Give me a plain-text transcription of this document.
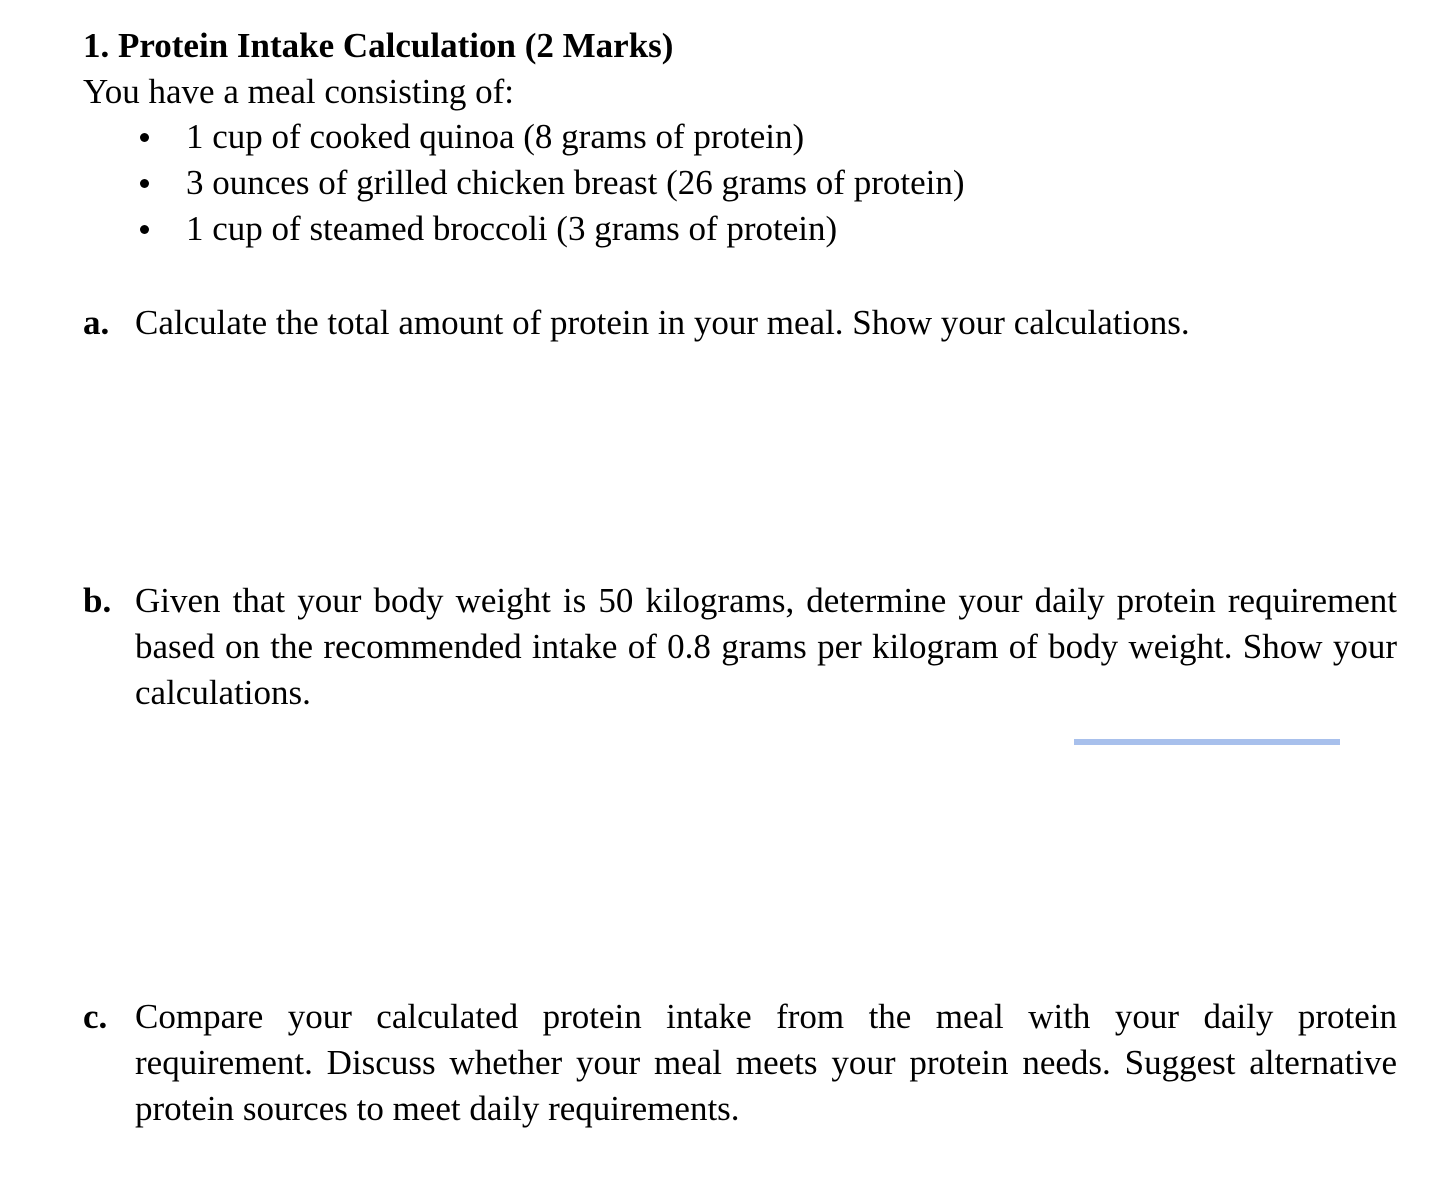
1. Protein Intake Calculation (2 Marks)
You have a meal consisting of:
1 cup of cooked quinoa (8 grams of protein)
3 ounces of grilled chicken breast (26 grams of protein)
1 cup of steamed broccoli (3 grams of protein)
a. Calculate the total amount of protein in your meal. Show your calculations.
b. Given that your body weight is 50 kilograms, determine your daily protein requirement based on the recommended intake of 0.8 grams per kilogram of body weight. Show your calculations.
c. Compare your calculated protein intake from the meal with your daily protein requirement. Discuss whether your meal meets your protein needs. Suggest alternative protein sources to meet daily requirements.
